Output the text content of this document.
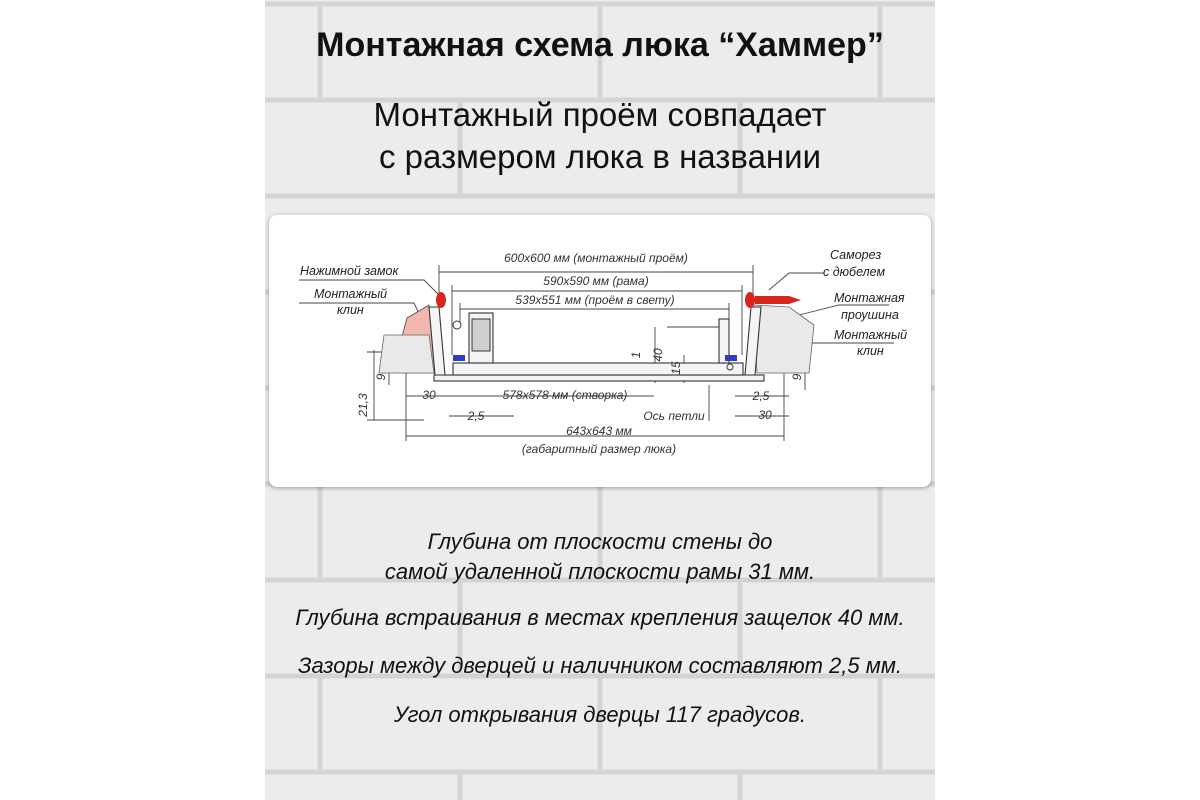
Монтажная схема люка “Хаммер”
Монтажный проём совпадает
с размером люка в названии
600x600 мм (монтажный проём)
590x590 мм (рама)
539x551 мм (проём в свету)
578x578 мм (створка)
Ось петли
643x643 мм
(габаритный размер люка)
30
30
2,5
2,5
21,3
9	9
1 40
15
Нажимной замок
Монтажный
клин
Саморез
с дюбелем
Монтажная
проушина
Монтажный
клин
Глубина от плоскости стены до
самой удаленной плоскости рамы 31 мм.

Глубина встраивания в местах крепления защелок 40 мм.

Зазоры между дверцей и наличником составляют 2,5 мм.

Угол открывания дверцы 117 градусов.
